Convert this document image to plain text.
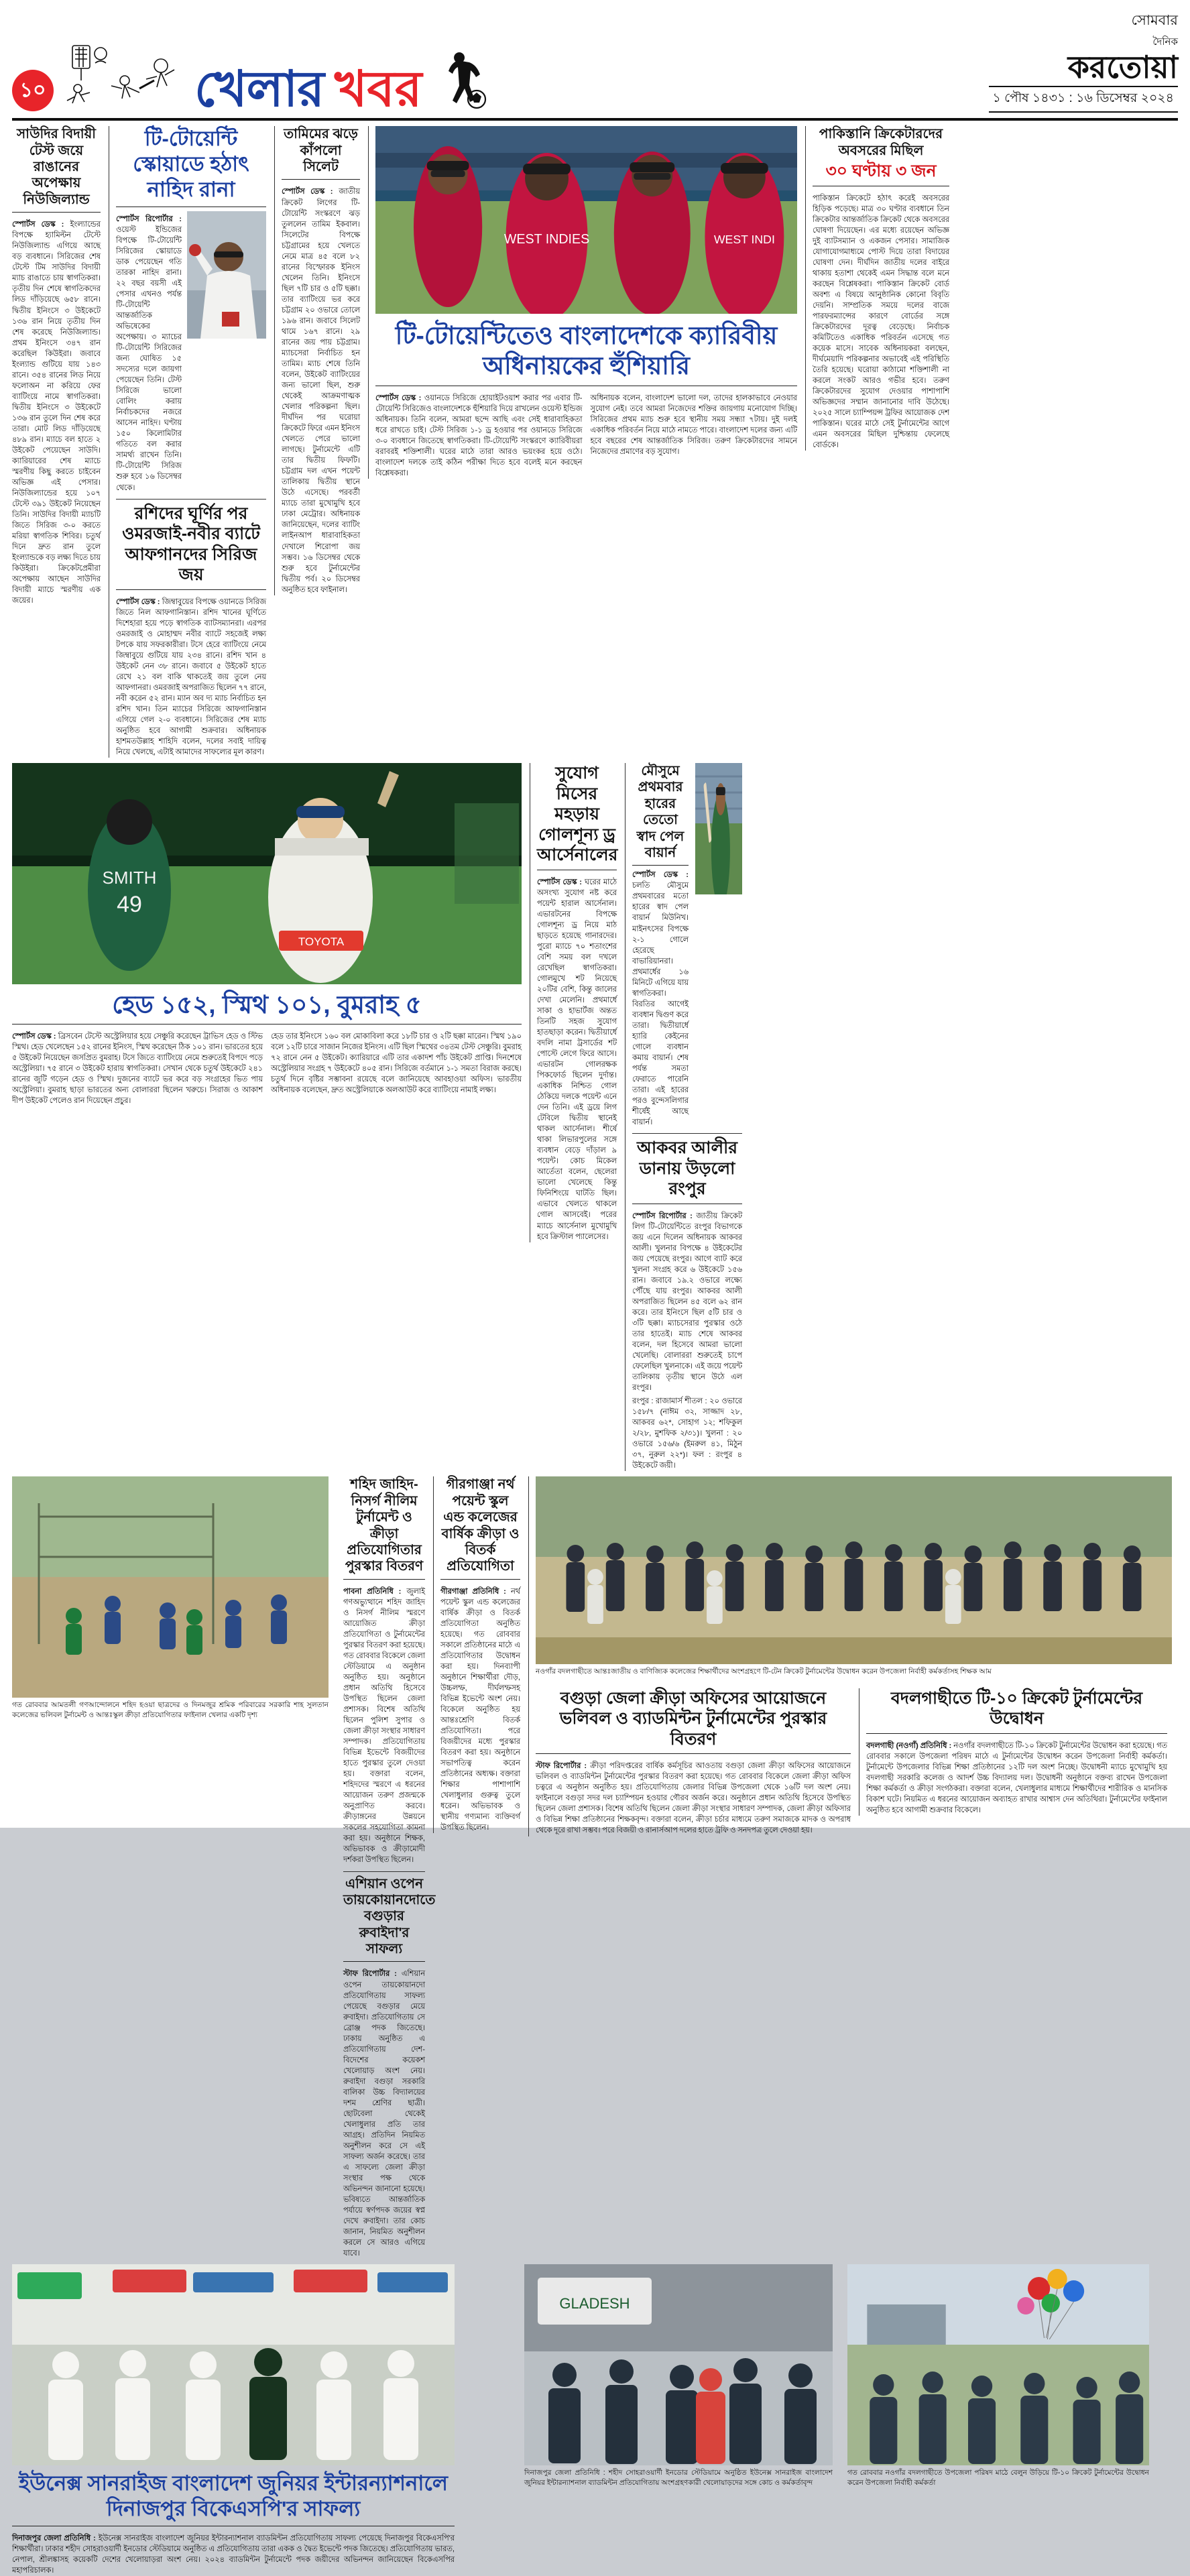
১০	খেলার খবর
সোমবার
দৈনিক
করতোয়া
১ পৌষ ১৪৩১ : ১৬ ডিসেম্বর ২০২৪
সাউদির বিদায়ী টেস্ট জয়ে রাঙানের অপেক্ষায় নিউজিল্যান্ড

স্পোর্টস ডেস্ক : ইংল্যান্ডের বিপক্ষে হ্যামিল্টন টেস্টে নিউজিল্যান্ড এগিয়ে আছে বড় ব্যবধানে। সিরিজের শেষ টেস্টে টিম সাউদির বিদায়ী ম্যাচ রাঙাতে চায় স্বাগতিকরা। তৃতীয় দিন শেষে স্বাগতিকদের লিড দাঁড়িয়েছে ৬৫৮ রানে। দ্বিতীয় ইনিংসে ৩ উইকেটে ১৩৬ রান নিয়ে তৃতীয় দিন শেষ করেছে নিউজিল্যান্ড। প্রথম ইনিংসে ৩৪৭ রান করেছিল কিউইরা। জবাবে ইংল্যান্ড গুটিয়ে যায় ১৪৩ রানে। ৩৫৪ রানের লিড নিয়ে ফলোঅন না করিয়ে ফের ব্যাটিংয়ে নামে স্বাগতিকরা। দ্বিতীয় ইনিংসে ৩ উইকেটে ১৩৬ রান তুলে দিন শেষ করে তারা। মোট লিড দাঁড়িয়েছে ৪৮৯ রান। ম্যাচে বল হাতে ২ উইকেট পেয়েছেন সাউদি। ক্যারিয়ারের শেষ ম্যাচে স্মরণীয় কিছু করতে চাইবেন অভিজ্ঞ এই পেসার। নিউজিল্যান্ডের হয়ে ১০৭ টেস্টে ৩৯১ উইকেট নিয়েছেন তিনি। সাউদির বিদায়ী ম্যাচটি জিতে সিরিজ ৩-০ করতে মরিয়া স্বাগতিক শিবির। চতুর্থ দিনে দ্রুত রান তুলে ইংল্যান্ডকে বড় লক্ষ্য দিতে চায় কিউইরা। ক্রিকেটপ্রেমীরা অপেক্ষায় আছেন সাউদির বিদায়ী ম্যাচে স্মরণীয় এক জয়ের।

টি-টোয়েন্টি স্কোয়াডে হঠাৎ নাহিদ রানা

স্পোর্টস রিপোর্টার : ওয়েস্ট ইন্ডিজের বিপক্ষে টি-টোয়েন্টি সিরিজের স্কোয়াডে ডাক পেয়েছেন গতি তারকা নাহিদ রানা। ২২ বছর বয়সী এই পেসার এখনও পর্যন্ত টি-টোয়েন্টি আন্তর্জাতিক অভিষেকের অপেক্ষায়। ৩ ম্যাচের টি-টোয়েন্টি সিরিজের জন্য ঘোষিত ১৫ সদস্যের দলে জায়গা পেয়েছেন তিনি। টেস্ট সিরিজে ভালো বোলিং করায় নির্বাচকদের নজরে আসেন নাহিদ। ঘণ্টায় ১৫০ কিলোমিটার গতিতে বল করার সামর্থ্য রাখেন তিনি। টি-টোয়েন্টি সিরিজ শুরু হবে ১৬ ডিসেম্বর থেকে।

রশিদের ঘূর্ণির পর ওমরজাই-নবীর ব্যাটে আফগানদের সিরিজ জয়

স্পোর্টস ডেস্ক : জিম্বাবুয়ের বিপক্ষে ওয়ানডে সিরিজ জিতে নিল আফগানিস্তান। রশিদ খানের ঘূর্ণিতে দিশেহারা হয়ে পড়ে স্বাগতিক ব্যাটসম্যানরা। এরপর ওমরজাই ও মোহাম্মদ নবীর ব্যাটে সহজেই লক্ষ্য টপকে যায় সফরকারীরা। টসে হেরে ব্যাটিংয়ে নেমে জিম্বাবুয়ে গুটিয়ে যায় ২৩৪ রানে। রশিদ খান ৪ উইকেট নেন ৩৮ রানে। জবাবে ৫ উইকেট হাতে রেখে ২১ বল বাকি থাকতেই জয় তুলে নেয় আফগানরা। ওমরজাই অপরাজিত ছিলেন ৭৭ রানে, নবী করেন ৫২ রান। ম্যান অব দ্য ম্যাচ নির্বাচিত হন রশিদ খান। তিন ম্যাচের সিরিজে আফগানিস্তান এগিয়ে গেল ২-০ ব্যবধানে। সিরিজের শেষ ম্যাচ অনুষ্ঠিত হবে আগামী শুক্রবার। অধিনায়ক হাশমতউল্লাহ শাহিদি বলেন, দলের সবাই দায়িত্ব নিয়ে খেলছে, এটাই আমাদের সাফল্যের মূল কারণ।

তামিমের ঝড়ে কাঁপলো সিলেট

স্পোর্টস ডেস্ক : জাতীয় ক্রিকেট লিগের টি-টোয়েন্টি সংস্করণে ঝড় তুললেন তামিম ইকবাল। সিলেটের বিপক্ষে চট্টগ্রামের হয়ে খেলতে নেমে মাত্র ৪৫ বলে ৮২ রানের বিস্ফোরক ইনিংস খেলেন তিনি। ইনিংসে ছিল ৭টি চার ও ৫টি ছক্কা। তার ব্যাটিংয়ে ভর করে চট্টগ্রাম ২০ ওভারে তোলে ১৯৬ রান। জবাবে সিলেট থামে ১৬৭ রানে। ২৯ রানের জয় পায় চট্টগ্রাম। ম্যাচসেরা নির্বাচিত হন তামিম। ম্যাচ শেষে তিনি বলেন, উইকেট ব্যাটিংয়ের জন্য ভালো ছিল, শুরু থেকেই আক্রমণাত্মক খেলার পরিকল্পনা ছিল। দীর্ঘদিন পর ঘরোয়া ক্রিকেটে ফিরে এমন ইনিংস খেলতে পেরে ভালো লাগছে। টুর্নামেন্টে এটি তার দ্বিতীয় ফিফটি। চট্টগ্রাম দল এখন পয়েন্ট তালিকায় দ্বিতীয় স্থানে উঠে এসেছে। পরবর্তী ম্যাচে তারা মুখোমুখি হবে ঢাকা মেট্রোর। অধিনায়ক জানিয়েছেন, দলের ব্যাটিং লাইনআপ ধারাবাহিকতা দেখালে শিরোপা জয় সম্ভব। ১৬ ডিসেম্বর থেকে শুরু হবে টুর্নামেন্টের দ্বিতীয় পর্ব। ২০ ডিসেম্বর অনুষ্ঠিত হবে ফাইনাল।

WEST INDIES	WEST INDI
টি-টোয়েন্টিতেও বাংলাদেশকে ক্যারিবীয় অধিনায়কের হুঁশিয়ারি

স্পোর্টস ডেস্ক : ওয়ানডে সিরিজে হোয়াইটওয়াশ করার পর এবার টি-টোয়েন্টি সিরিজেও বাংলাদেশকে হুঁশিয়ারি দিয়ে রাখলেন ওয়েস্ট ইন্ডিজ অধিনায়ক। তিনি বলেন, আমরা ছন্দে আছি এবং সেই ধারাবাহিকতা ধরে রাখতে চাই। টেস্ট সিরিজ ১-১ ড্র হওয়ার পর ওয়ানডে সিরিজে ৩-০ ব্যবধানে জিতেছে স্বাগতিকরা। টি-টোয়েন্টি সংস্করণে ক্যারিবীয়রা বরাবরই শক্তিশালী। ঘরের মাঠে তারা আরও ভয়ংকর হয়ে ওঠে। বাংলাদেশ দলকে তাই কঠিন পরীক্ষা দিতে হবে বলেই মনে করছেন বিশ্লেষকরা।

অধিনায়ক বলেন, বাংলাদেশ ভালো দল, তাদের হালকাভাবে নেওয়ার সুযোগ নেই। তবে আমরা নিজেদের শক্তির জায়গায় মনোযোগ দিচ্ছি। সিরিজের প্রথম ম্যাচ শুরু হবে স্থানীয় সময় সন্ধ্যা ৭টায়। দুই দলই একাধিক পরিবর্তন নিয়ে মাঠে নামতে পারে। বাংলাদেশ দলের জন্য এটি হবে বছরের শেষ আন্তর্জাতিক সিরিজ। তরুণ ক্রিকেটারদের সামনে নিজেদের প্রমাণের বড় সুযোগ।

পাকিস্তানি ক্রিকেটারদের অবসরের মিছিল
৩০ ঘণ্টায় ৩ জন

পাকিস্তান ক্রিকেটে হঠাৎ করেই অবসরের হিড়িক পড়েছে। মাত্র ৩০ ঘণ্টার ব্যবধানে তিন ক্রিকেটার আন্তর্জাতিক ক্রিকেট থেকে অবসরের ঘোষণা দিয়েছেন। এর মধ্যে রয়েছেন অভিজ্ঞ দুই ব্যাটসম্যান ও একজন পেসার। সামাজিক যোগাযোগমাধ্যমে পোস্ট দিয়ে তারা বিদায়ের ঘোষণা দেন। দীর্ঘদিন জাতীয় দলের বাইরে থাকায় হতাশা থেকেই এমন সিদ্ধান্ত বলে মনে করছেন বিশ্লেষকরা। পাকিস্তান ক্রিকেট বোর্ড অবশ্য এ বিষয়ে আনুষ্ঠানিক কোনো বিবৃতি দেয়নি। সাম্প্রতিক সময়ে দলের বাজে পারফরম্যান্সের কারণে বোর্ডের সঙ্গে ক্রিকেটারদের দূরত্ব বেড়েছে। নির্বাচক কমিটিতেও একাধিক পরিবর্তন এসেছে গত কয়েক মাসে। সাবেক অধিনায়করা বলছেন, দীর্ঘমেয়াদি পরিকল্পনার অভাবেই এই পরিস্থিতি তৈরি হয়েছে। ঘরোয়া কাঠামো শক্তিশালী না করলে সংকট আরও গভীর হবে। তরুণ ক্রিকেটারদের সুযোগ দেওয়ার পাশাপাশি অভিজ্ঞদের সম্মান জানানোর দাবি উঠেছে। ২০২৫ সালে চ্যাম্পিয়ন্স ট্রফির আয়োজক দেশ পাকিস্তান। ঘরের মাঠে সেই টুর্নামেন্টের আগে এমন অবসরের মিছিল দুশ্চিন্তায় ফেলেছে বোর্ডকে।

SMITH
49
TOYOTA
হেড ১৫২, স্মিথ ১০১, বুমরাহ ৫

স্পোর্টস ডেস্ক : ব্রিসবেন টেস্টে অস্ট্রেলিয়ার হয়ে সেঞ্চুরি করেছেন ট্রাভিস হেড ও স্টিভ স্মিথ। হেড খেলেছেন ১৫২ রানের ইনিংস, স্মিথ করেছেন ঠিক ১০১ রান। ভারতের হয়ে ৫ উইকেট নিয়েছেন জসপ্রিত বুমরাহ। টসে জিতে ব্যাটিংয়ে নেমে শুরুতেই বিপদে পড়ে অস্ট্রেলিয়া। ৭৫ রানে ৩ উইকেট হারায় স্বাগতিকরা। সেখান থেকে চতুর্থ উইকেটে ২৪১ রানের জুটি গড়েন হেড ও স্মিথ। দুজনের ব্যাটে ভর করে বড় সংগ্রহের ভিত পায় অস্ট্রেলিয়া। বুমরাহ ছাড়া ভারতের অন্য বোলাররা ছিলেন খরুচে। সিরাজ ও আকাশ দীপ উইকেট পেলেও রান দিয়েছেন প্রচুর।

হেড তার ইনিংসে ১৬০ বল মোকাবিলা করে ১৮টি চার ও ২টি ছক্কা মারেন। স্মিথ ১৯০ বলে ১২টি চারে সাজান নিজের ইনিংস। এটি ছিল স্মিথের ৩৪তম টেস্ট সেঞ্চুরি। বুমরাহ ৭২ রানে নেন ৫ উইকেট। ক্যারিয়ারে এটি তার একাদশ পাঁচ উইকেট প্রাপ্তি। দিনশেষে অস্ট্রেলিয়ার সংগ্রহ ৭ উইকেটে ৪০৫ রান। সিরিজে বর্তমানে ১-১ সমতা বিরাজ করছে। চতুর্থ দিনে বৃষ্টির সম্ভাবনা রয়েছে বলে জানিয়েছে আবহাওয়া অফিস। ভারতীয় অধিনায়ক বলেছেন, দ্রুত অস্ট্রেলিয়াকে অলআউট করে ব্যাটিংয়ে নামাই লক্ষ্য।

সুযোগ মিসের মহড়ায় গোলশূন্য ড্র আর্সেনালের

স্পোর্টস ডেস্ক : ঘরের মাঠে অসংখ্য সুযোগ নষ্ট করে পয়েন্ট হারাল আর্সেনাল। এভারটনের বিপক্ষে গোলশূন্য ড্র নিয়ে মাঠ ছাড়তে হয়েছে গানারদের। পুরো ম্যাচে ৭০ শতাংশের বেশি সময় বল দখলে রেখেছিল স্বাগতিকরা। গোলমুখে শট নিয়েছে ২০টির বেশি, কিন্তু জালের দেখা মেলেনি। প্রথমার্ধে সাকা ও হাভার্টজ অন্তত তিনটি সহজ সুযোগ হাতছাড়া করেন। দ্বিতীয়ার্ধে বদলি নামা ট্রসার্ডের শট পোস্টে লেগে ফিরে আসে। এভারটন গোলরক্ষক পিকফোর্ড ছিলেন দুর্দান্ত। একাধিক নিশ্চিত গোল ঠেকিয়ে দলকে পয়েন্ট এনে দেন তিনি। এই ড্রয়ে লিগ টেবিলে দ্বিতীয় স্থানেই থাকল আর্সেনাল। শীর্ষে থাকা লিভারপুলের সঙ্গে ব্যবধান বেড়ে দাঁড়াল ৯ পয়েন্ট। কোচ মিকেল আর্তেতা বলেন, ছেলেরা ভালো খেলেছে কিন্তু ফিনিশিংয়ে ঘাটতি ছিল। এভাবে খেলতে থাকলে গোল আসবেই। পরের ম্যাচে আর্সেনাল মুখোমুখি হবে ক্রিস্টাল প্যালেসের।

মৌসুমে প্রথমবার হারের তেতো স্বাদ পেল বায়ার্ন

স্পোর্টস ডেস্ক : চলতি মৌসুমে প্রথমবারের মতো হারের স্বাদ পেল বায়ার্ন মিউনিখ। মাইনৎসের বিপক্ষে ২-১ গোলে হেরেছে বাভারিয়ানরা। প্রথমার্ধের ১৬ মিনিটে এগিয়ে যায় স্বাগতিকরা। বিরতির আগেই ব্যবধান দ্বিগুণ করে তারা। দ্বিতীয়ার্ধে হ্যারি কেইনের গোলে ব্যবধান কমায় বায়ার্ন। শেষ পর্যন্ত সমতা ফেরাতে পারেনি তারা। এই হারের পরও বুন্দেসলিগার শীর্ষেই আছে বায়ার্ন।

আকবর আলীর ডানায় উড়লো রংপুর

স্পোর্টস রিপোর্টার : জাতীয় ক্রিকেট লিগ টি-টোয়েন্টিতে রংপুর বিভাগকে জয় এনে দিলেন অধিনায়ক আকবর আলী। খুলনার বিপক্ষে ৪ উইকেটের জয় পেয়েছে রংপুর। আগে ব্যাট করে খুলনা সংগ্রহ করে ৬ উইকেটে ১৫৬ রান। জবাবে ১৯.২ ওভারে লক্ষ্যে পৌঁছে যায় রংপুর। আকবর আলী অপরাজিত ছিলেন ৪৫ বলে ৬২ রান করে। তার ইনিংসে ছিল ৫টি চার ও ৩টি ছক্কা। ম্যাচসেরার পুরস্কার ওঠে তার হাতেই। ম্যাচ শেষে আকবর বলেন, দল হিসেবে আমরা ভালো খেলেছি। বোলাররা শুরুতেই চাপে ফেলেছিল খুলনাকে। এই জয়ে পয়েন্ট তালিকায় তৃতীয় স্থানে উঠে এল রংপুর।

রংপুর : রাজামার্স শীতল : ২০ ওভারে ১৫৮/৭ (নাঈম ৩২, সাজ্জাদ ২৮, আকবর ৬২*, সোহাগ ১২; শফিকুল ২/২৮, মুশফিক ২/৩১)। খুলনা : ২০ ওভারে ১৫৬/৬ (ইমরুল ৪১, মিঠুন ৩৭, নুরুল ২২*)। ফল : রংপুর ৪ উইকেটে জয়ী।

গত রোববার আমতলী গণআন্দোলনে শহিদ হওয়া ছাত্রদের ও দিনমজুর শ্রমিক পরিবারের সরকারি শাহ সুলতান কলেজের ভলিবল টুর্নামেন্ট ও আন্তঃস্কুল ক্রীড়া প্রতিযোগিতার ফাইনাল খেলার একটি দৃশ্য

শহিদ জাহিদ-নিসর্গ নীলিম টুর্নামেন্ট ও ক্রীড়া প্রতিযোগিতার পুরস্কার বিতরণ

পাবনা প্রতিনিধি : জুলাই গণঅভ্যুত্থানে শহিদ জাহিদ ও নিসর্গ নীলিম স্মরণে আয়োজিত ক্রীড়া প্রতিযোগিতা ও টুর্নামেন্টের পুরস্কার বিতরণ করা হয়েছে। গত রোববার বিকেলে জেলা স্টেডিয়ামে এ অনুষ্ঠান অনুষ্ঠিত হয়। অনুষ্ঠানে প্রধান অতিথি হিসেবে উপস্থিত ছিলেন জেলা প্রশাসক। বিশেষ অতিথি ছিলেন পুলিশ সুপার ও জেলা ক্রীড়া সংস্থার সাধারণ সম্পাদক। প্রতিযোগিতায় বিভিন্ন ইভেন্টে বিজয়ীদের হাতে পুরস্কার তুলে দেওয়া হয়। বক্তারা বলেন, শহিদদের স্মরণে এ ধরনের আয়োজন তরুণ প্রজন্মকে অনুপ্রাণিত করবে। ক্রীড়াঙ্গনের উন্নয়নে সকলের সহযোগিতা কামনা করা হয়। অনুষ্ঠানে শিক্ষক, অভিভাবক ও ক্রীড়ামোদী দর্শকরা উপস্থিত ছিলেন।

এশিয়ান ওপেন তায়কোয়ানদোতে বগুড়ার রুবাইদা'র সাফল্য

স্টাফ রিপোর্টার : এশিয়ান ওপেন তায়কোয়ানদো প্রতিযোগিতায় সাফল্য পেয়েছে বগুড়ার মেয়ে রুবাইদা। প্রতিযোগিতায় সে ব্রোঞ্জ পদক জিতেছে। ঢাকায় অনুষ্ঠিত এ প্রতিযোগিতায় দেশ-বিদেশের কয়েকশ খেলোয়াড় অংশ নেয়। রুবাইদা বগুড়া সরকারি বালিকা উচ্চ বিদ্যালয়ের দশম শ্রেণির ছাত্রী। ছোটবেলা থেকেই খেলাধুলার প্রতি তার আগ্রহ। প্রতিদিন নিয়মিত অনুশীলন করে সে এই সাফল্য অর্জন করেছে। তার এ সাফল্যে জেলা ক্রীড়া সংস্থার পক্ষ থেকে অভিনন্দন জানানো হয়েছে। ভবিষ্যতে আন্তর্জাতিক পর্যায়ে স্বর্ণপদক জয়ের স্বপ্ন দেখে রুবাইদা। তার কোচ জানান, নিয়মিত অনুশীলন করলে সে আরও এগিয়ে যাবে।

গীরগাঞ্জা নর্থ পয়েন্ট স্কুল এন্ড কলেজের বার্ষিক ক্রীড়া ও বিতর্ক প্রতিযোগিতা

গীরগাঞ্জা প্রতিনিধি : নর্থ পয়েন্ট স্কুল এন্ড কলেজের বার্ষিক ক্রীড়া ও বিতর্ক প্রতিযোগিতা অনুষ্ঠিত হয়েছে। গত রোববার সকালে প্রতিষ্ঠানের মাঠে এ প্রতিযোগিতার উদ্বোধন করা হয়। দিনব্যাপী অনুষ্ঠানে শিক্ষার্থীরা দৌড়, উচ্চলম্ফ, দীর্ঘলম্ফসহ বিভিন্ন ইভেন্টে অংশ নেয়। বিকেলে অনুষ্ঠিত হয় আন্তঃশ্রেণি বিতর্ক প্রতিযোগিতা। পরে বিজয়ীদের মধ্যে পুরস্কার বিতরণ করা হয়। অনুষ্ঠানে সভাপতিত্ব করেন প্রতিষ্ঠানের অধ্যক্ষ। বক্তারা শিক্ষার পাশাপাশি খেলাধুলার গুরুত্ব তুলে ধরেন। অভিভাবক ও স্থানীয় গণ্যমান্য ব্যক্তিবর্গ উপস্থিত ছিলেন।

নওগাঁর বদলগাছীতে আন্তঃজাতীয় ও বাণিজ্যিক কলেজের শিক্ষার্থীদের অংশগ্রহণে টি-টেন ক্রিকেট টুর্নামেন্টের উদ্বোধন করেন উপজেলা নির্বাহী কর্মকর্তাসহ শিক্ষক আম

বগুড়া জেলা ক্রীড়া অফিসের আয়োজনে ভলিবল ও ব্যাডমিন্টন টুর্নামেন্টের পুরস্কার বিতরণ

স্টাফ রিপোর্টার : ক্রীড়া পরিদপ্তরের বার্ষিক কর্মসূচির আওতায় বগুড়া জেলা ক্রীড়া অফিসের আয়োজনে ভলিবল ও ব্যাডমিন্টন টুর্নামেন্টের পুরস্কার বিতরণ করা হয়েছে। গত রোববার বিকেলে জেলা ক্রীড়া অফিস চত্বরে এ অনুষ্ঠান অনুষ্ঠিত হয়। প্রতিযোগিতায় জেলার বিভিন্ন উপজেলা থেকে ১৬টি দল অংশ নেয়। ফাইনালে বগুড়া সদর দল চ্যাম্পিয়ন হওয়ার গৌরব অর্জন করে। অনুষ্ঠানে প্রধান অতিথি হিসেবে উপস্থিত ছিলেন জেলা প্রশাসক। বিশেষ অতিথি ছিলেন জেলা ক্রীড়া সংস্থার সাধারণ সম্পাদক, জেলা ক্রীড়া অফিসার ও বিভিন্ন শিক্ষা প্রতিষ্ঠানের শিক্ষকবৃন্দ। বক্তারা বলেন, ক্রীড়া চর্চার মাধ্যমে তরুণ সমাজকে মাদক ও অপরাধ থেকে দূরে রাখা সম্ভব। পরে বিজয়ী ও রানার্সআপ দলের হাতে ট্রফি ও সনদপত্র তুলে দেওয়া হয়।

বদলগাছীতে টি-১০ ক্রিকেট টুর্নামেন্টের উদ্বোধন

বদলগাছী (নওগাঁ) প্রতিনিধি : নওগাঁর বদলগাছীতে টি-১০ ক্রিকেট টুর্নামেন্টের উদ্বোধন করা হয়েছে। গত রোববার সকালে উপজেলা পরিষদ মাঠে এ টুর্নামেন্টের উদ্বোধন করেন উপজেলা নির্বাহী কর্মকর্তা। টুর্নামেন্টে উপজেলার বিভিন্ন শিক্ষা প্রতিষ্ঠানের ১২টি দল অংশ নিচ্ছে। উদ্বোধনী ম্যাচে মুখোমুখি হয় বদলগাছী সরকারি কলেজ ও আদর্শ উচ্চ বিদ্যালয় দল। উদ্বোধনী অনুষ্ঠানে বক্তব্য রাখেন উপজেলা শিক্ষা কর্মকর্তা ও ক্রীড়া সংগঠকরা। বক্তারা বলেন, খেলাধুলার মাধ্যমে শিক্ষার্থীদের শারীরিক ও মানসিক বিকাশ ঘটে। নিয়মিত এ ধরনের আয়োজন অব্যাহত রাখার আশ্বাস দেন অতিথিরা। টুর্নামেন্টের ফাইনাল অনুষ্ঠিত হবে আগামী শুক্রবার বিকেলে।

ইউনেক্স সানরাইজ বাংলাদেশ জুনিয়র ইন্টারন্যাশনালে দিনাজপুর বিকেএসপি'র সাফল্য

দিনাজপুর জেলা প্রতিনিধি : ইউনেক্স সানরাইজ বাংলাদেশ জুনিয়র ইন্টারন্যাশনাল ব্যাডমিন্টন প্রতিযোগিতায় সাফল্য পেয়েছে দিনাজপুর বিকেএসপি'র শিক্ষার্থীরা। ঢাকার শহীদ সোহরাওয়ার্দী ইনডোর স্টেডিয়ামে অনুষ্ঠিত এ প্রতিযোগিতায় তারা একক ও দ্বৈত ইভেন্টে পদক জিতেছে। প্রতিযোগিতায় ভারত, নেপাল, শ্রীলঙ্কাসহ কয়েকটি দেশের খেলোয়াড়রা অংশ নেয়। ২০২৪ ব্যাডমিন্টন টুর্নামেন্টে পদক জয়ীদের অভিনন্দন জানিয়েছেন বিকেএসপির মহাপরিচালক।

GLADESH

দিনাজপুর জেলা প্রতিনিধি : শহীদ সোহরাওয়ার্দী ইনডোর স্টেডিয়ামে অনুষ্ঠিত ইউনেক্স সানরাইজ বাংলাদেশ জুনিয়র ইন্টারন্যাশনাল ব্যাডমিন্টন প্রতিযোগিতায় অংশগ্রহণকারী খেলোয়াড়দের সঙ্গে কোচ ও কর্মকর্তাবৃন্দ

গত রোববার নওগাঁর বদলগাছীতে উপজেলা পরিষদ মাঠে বেলুন উড়িয়ে টি-১০ ক্রিকেট টুর্নামেন্টের উদ্বোধন করেন উপজেলা নির্বাহী কর্মকর্তা
